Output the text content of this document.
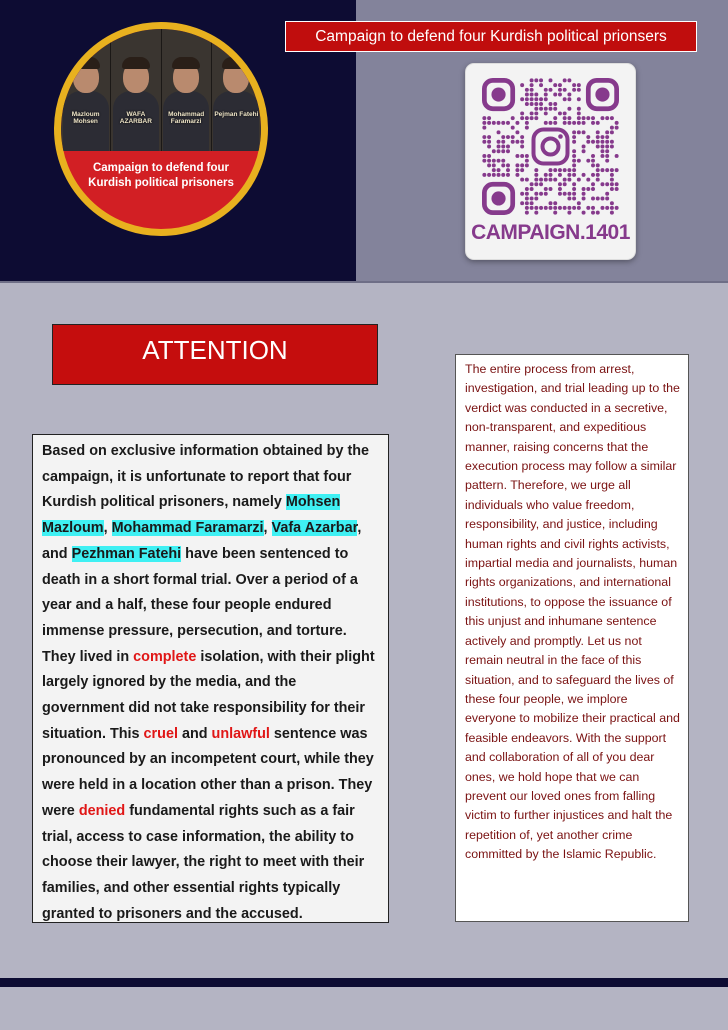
Mazloum Mohsen
WAFA AZARBAR
Mohammad Faramarzi
Pejman Fatehi
Campaign to defend four Kurdish political prisoners
Campaign to defend four Kurdish political prionsers
CAMPAIGN.1401
ATTENTION
Based on exclusive information obtained by the campaign, it is unfortunate to report that four Kurdish political prisoners, namely Mohsen Mazloum, Mohammad Faramarzi, Vafa Azarbar, and Pezhman Fatehi have been sentenced to death in a short formal trial. Over a period of a year and a half, these four people endured immense pressure, persecution, and torture. They lived in complete isolation, with their plight largely ignored by the media, and the government did not take responsibility for their situation. This cruel and unlawful sentence was pronounced by an incompetent court, while they were held in a location other than a prison. They were denied fundamental rights such as a fair trial, access to case information, the ability to choose their lawyer, the right to meet with their families, and other essential rights typically granted to prisoners and the accused.
The entire process from arrest, investigation, and trial leading up to the verdict was conducted in a secretive, non-transparent, and expeditious manner, raising concerns that the execution process may follow a similar pattern. Therefore, we urge all individuals who value freedom, responsibility, and justice, including human rights and civil rights activists, impartial media and journalists, human rights organizations, and international institutions, to oppose the issuance of this unjust and inhumane sentence actively and promptly. Let us not remain neutral in the face of this situation, and to safeguard the lives of these four people, we implore everyone to mobilize their practical and feasible endeavors. With the support and collaboration of all of you dear ones, we hold hope that we can prevent our loved ones from falling victim to further injustices and halt the repetition of, yet another crime committed by the Islamic Republic.
